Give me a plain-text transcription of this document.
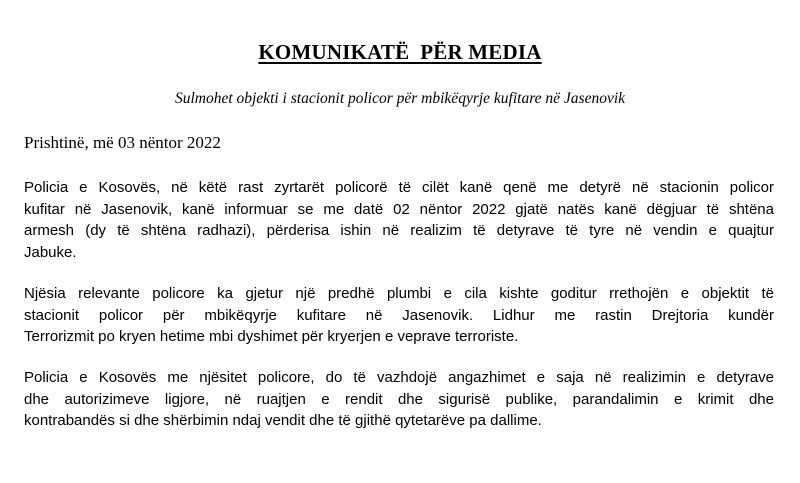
KOMUNIKATË  PËR MEDIA

Sulmohet objekti i stacionit policor për mbikëqyrje kufitare në Jasenovik

Prishtinë, më 03 nëntor 2022

Policia e Kosovës, në këtë rast zyrtarët policorë të cilët kanë qenë me detyrë në stacionin policor
kufitar në Jasenovik, kanë informuar se me datë 02 nëntor 2022 gjatë natës kanë dëgjuar të shtëna
armesh (dy të shtëna radhazi), përderisa ishin në realizim të detyrave të tyre në vendin e quajtur
Jabuke.

Njësia relevante policore ka gjetur një predhë plumbi e cila kishte goditur rrethojën e objektit të
stacionit policor për mbikëqyrje kufitare në Jasenovik. Lidhur me rastin Drejtoria kundër
Terrorizmit po kryen hetime mbi dyshimet për kryerjen e veprave terroriste.

Policia e Kosovës me njësitet policore, do të vazhdojë angazhimet e saja në realizimin e detyrave
dhe autorizimeve ligjore, në ruajtjen e rendit dhe sigurisë publike, parandalimin e krimit dhe
kontrabandës si dhe shërbimin ndaj vendit dhe të gjithë qytetarëve pa dallime.
